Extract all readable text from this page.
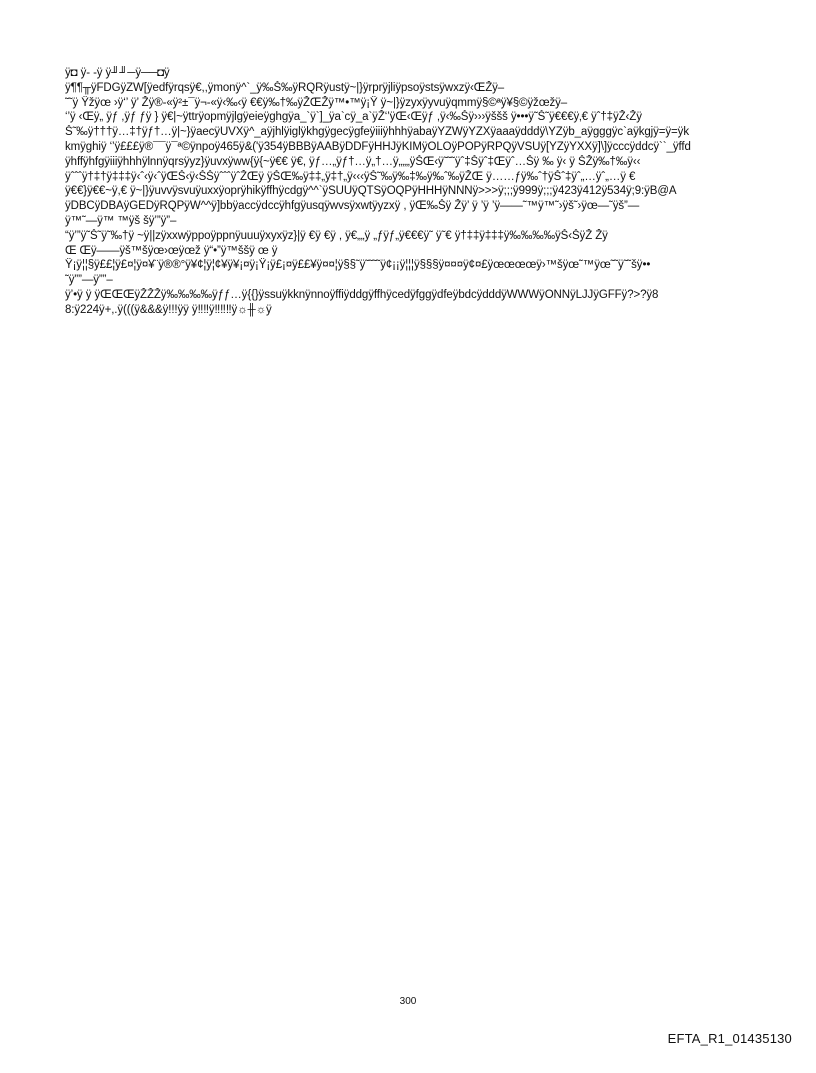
ÿ◘ ÿ- -ÿ ÿ╜╜─ÿ──◘ÿ
ÿ¶¶╥ÿFDGÿZW[ÿedfÿrqsÿ€,,ÿmonÿ^`_ÿ‰Š‰ÿRQRÿustÿ~|}ÿrprÿjliÿpsoÿstsÿwxzÿ‹ŒŽÿ–
˜˜ÿ Ÿžÿœ ›ÿ‘’ ÿ’ Žÿ®-«ÿ²±¯ÿ¬-«ÿ‹‰‹ÿ €€ÿ‰†‰ÿŽŒŽÿ™•™ÿ¡Ÿ ÿ~|}ÿzyxÿyvuÿqmmÿ§©ªÿ¥§©ÿžœžÿ–
‘’ÿ ‹Œÿ„ ÿƒ ,ÿƒ ƒÿ } ÿ€|~ÿttrÿopmÿjlgÿeieÿghgÿa_`ÿ`]_ÿa`cÿ_a`ÿŽ‘’ÿŒ‹Œÿƒ ,ÿ‹‰Šÿ›››ÿššš ÿ•••ÿ˜Š˜ÿ€€€ÿ‚€ ÿˆ†‡ÿŽ‹Žÿ
Š˜‰ÿ†††ÿ…‡†ÿƒ†…ÿ|~}ÿaecÿUVXÿ^_aÿjhlÿiglÿkhgÿgecÿgfeÿiiiÿhhhÿabaÿYZWÿYZXÿaaaÿdddÿ\YZÿb_aÿgggÿc`aÿkgjÿ=ÿ=ÿk
kmÿghiÿ ‘’ÿ£££ÿ®¯¯ÿ¯ª©ÿnpoÿ465ÿ&('ÿ354ÿBBBÿAABÿDDFÿHHJÿKIMÿOLOÿPOPÿRPQÿVSUÿ[YZÿYXXÿ]\]ÿcccÿddcÿ``_ÿffd
ÿhffÿhfgÿiiiÿhhhÿlnnÿqrsÿyz}ÿuvxÿww{ÿ{~ÿ€€ ÿ€, ÿƒ…„ÿƒ†…ÿ„†…ÿ„„„ÿŠŒ‹ÿ˜˜˜ÿˆ‡Šÿˆ‡Œÿˆ…Šÿ ‰ ÿ‹ ÿ ŠŽÿ‰†‰ÿ‹‹
ÿˆˆˆÿ†‡†ÿ‡‡‡ÿ‹ˆ‹ÿ‹ˆÿŒŠ‹ÿ‹ŠŠÿˆˆˆÿˆŽŒÿ ÿŠŒ‰ÿ‡‡„ÿ‡†„ÿ‹‹‹ÿŠ˜‰ÿ‰‡‰ÿ‰ˆ‰ÿŽŒ ÿ……ƒÿ‰ˆ†ÿŠˆ‡ÿˆ„…ÿˆ„…ÿ €
ÿ€€}ÿ€€~ÿ,€ ÿ~|}ÿuvvÿsvuÿuxxÿoprÿhikÿffhÿcdgÿ^^`ÿSUUÿQTSÿOQPÿHHHÿNNNÿ>>>ÿ;;;ÿ999ÿ;;;ÿ423ÿ412ÿ534ÿ;9:ÿB@A
ÿDBCÿDBAÿGEDÿRQPÿW^^ÿ]bbÿaccÿdccÿhfgÿusqÿwvsÿxwtÿyzxÿ , ÿŒ‰Šÿ Žÿ’ ÿ ’ÿ ’ÿ——˜™ÿ™˜›ÿš˜›ÿœ—˜ÿš”—
ÿ™˜—ÿ™ ™ÿš šÿ’”ÿ”–
“ÿ’”ÿ˜Š˜ÿ˜‰†ÿ ~ÿ||zÿxxwÿppoÿppnÿuuuÿxyxÿz}|ÿ €ÿ €ÿ , ÿ€„„ÿ „ƒÿƒ„ÿ€€€ÿ˜ ÿ˜€ ÿ†‡‡ÿ‡‡‡ÿ‰‰‰‰ÿŠ‹ŠÿŽ Žÿ
Œ Œÿ——ÿš™šÿœ›œÿœž ÿ“•”ÿ™ššÿ œ ÿ
Ÿ¡ÿ¦¦§ÿ££¦ÿ£¤¦ÿ¤¥¨ÿ®®°ÿ¥¢¦ÿ¦¢¥ÿ¥¡¤ÿ¡Ÿ¡ÿ£¡¤ÿ££¥ÿ¤¤¦ÿ§§˜ÿ˜˜˜˜ÿ¢¡¡ÿ¦¦¦ÿ§§§ÿ¤¤¤ÿ¢¤£ÿœœœœÿ›™šÿœ˜™ÿœ˜˜ÿ˜˜šÿ••
˜ÿ””—ÿ””–
ÿ’•ÿ ÿ ÿŒŒŒÿŽŽŽÿ‰‰‰‰ÿƒƒ…ÿ{{}ÿssuÿkknÿnnoÿffiÿddgÿffhÿcedÿfggÿdfeÿbdcÿdddÿWWWÿONNÿLJJÿGFFÿ?>?ÿ8
8:ÿ224ÿ+,.ÿ(((ÿ&&&ÿ!!!ÿÿ ÿ‼‼ÿ‼‼‼ÿ☼╫☼ÿ
300
EFTA_R1_01435130
